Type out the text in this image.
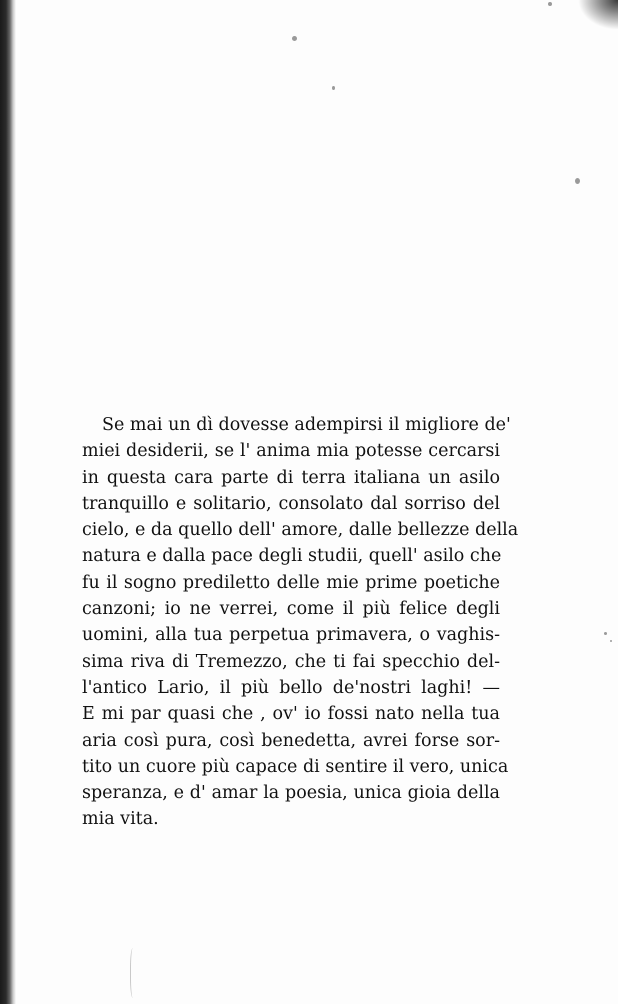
Se mai un dì dovesse adempirsi il migliore de'
miei desiderii, se l' anima mia potesse cercarsi
in questa cara parte di terra italiana un asilo
tranquillo e solitario, consolato dal sorriso del
cielo, e da quello dell' amore, dalle bellezze della
natura e dalla pace degli studii, quell' asilo che
fu il sogno prediletto delle mie prime poetiche
canzoni; io ne verrei, come il più felice degli
uomini, alla tua perpetua primavera, o vaghis-
sima riva di Tremezzo, che ti fai specchio del-
l'antico Lario, il più bello de'nostri laghi! —
E mi par quasi che , ov' io fossi nato nella tua
aria così pura, così benedetta, avrei forse sor-
tito un cuore più capace di sentire il vero, unica
speranza, e d' amar la poesia, unica gioia della
mia vita.
